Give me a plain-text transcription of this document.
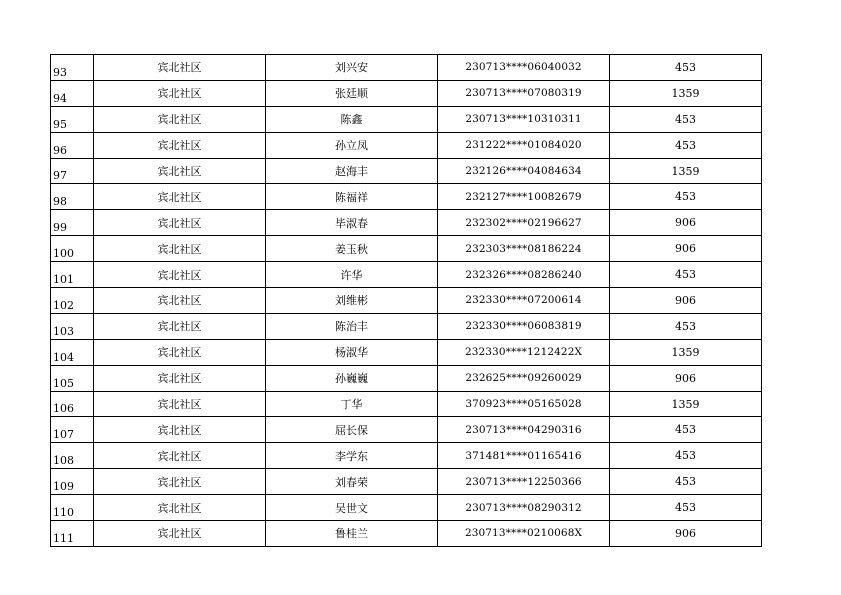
93	宾北社区	刘兴安	230713****06040032	453
94	宾北社区	张廷顺	230713****07080319	1359
95	宾北社区	陈鑫	230713****10310311	453
96	宾北社区	孙立凤	231222****01084020	453
97	宾北社区	赵海丰	232126****04084634	1359
98	宾北社区	陈福祥	232127****10082679	453
99	宾北社区	毕淑春	232302****02196627	906
100	宾北社区	姜玉秋	232303****08186224	906
101	宾北社区	许华	232326****08286240	453
102	宾北社区	刘维彬	232330****07200614	906
103	宾北社区	陈治丰	232330****06083819	453
104	宾北社区	杨淑华	232330****1212422X	1359
105	宾北社区	孙巍巍	232625****09260029	906
106	宾北社区	丁华	370923****05165028	1359
107	宾北社区	屈长保	230713****04290316	453
108	宾北社区	李学东	371481****01165416	453
109	宾北社区	刘春荣	230713****12250366	453
110	宾北社区	吴世文	230713****08290312	453
111	宾北社区	鲁桂兰	230713****0210068X	906
